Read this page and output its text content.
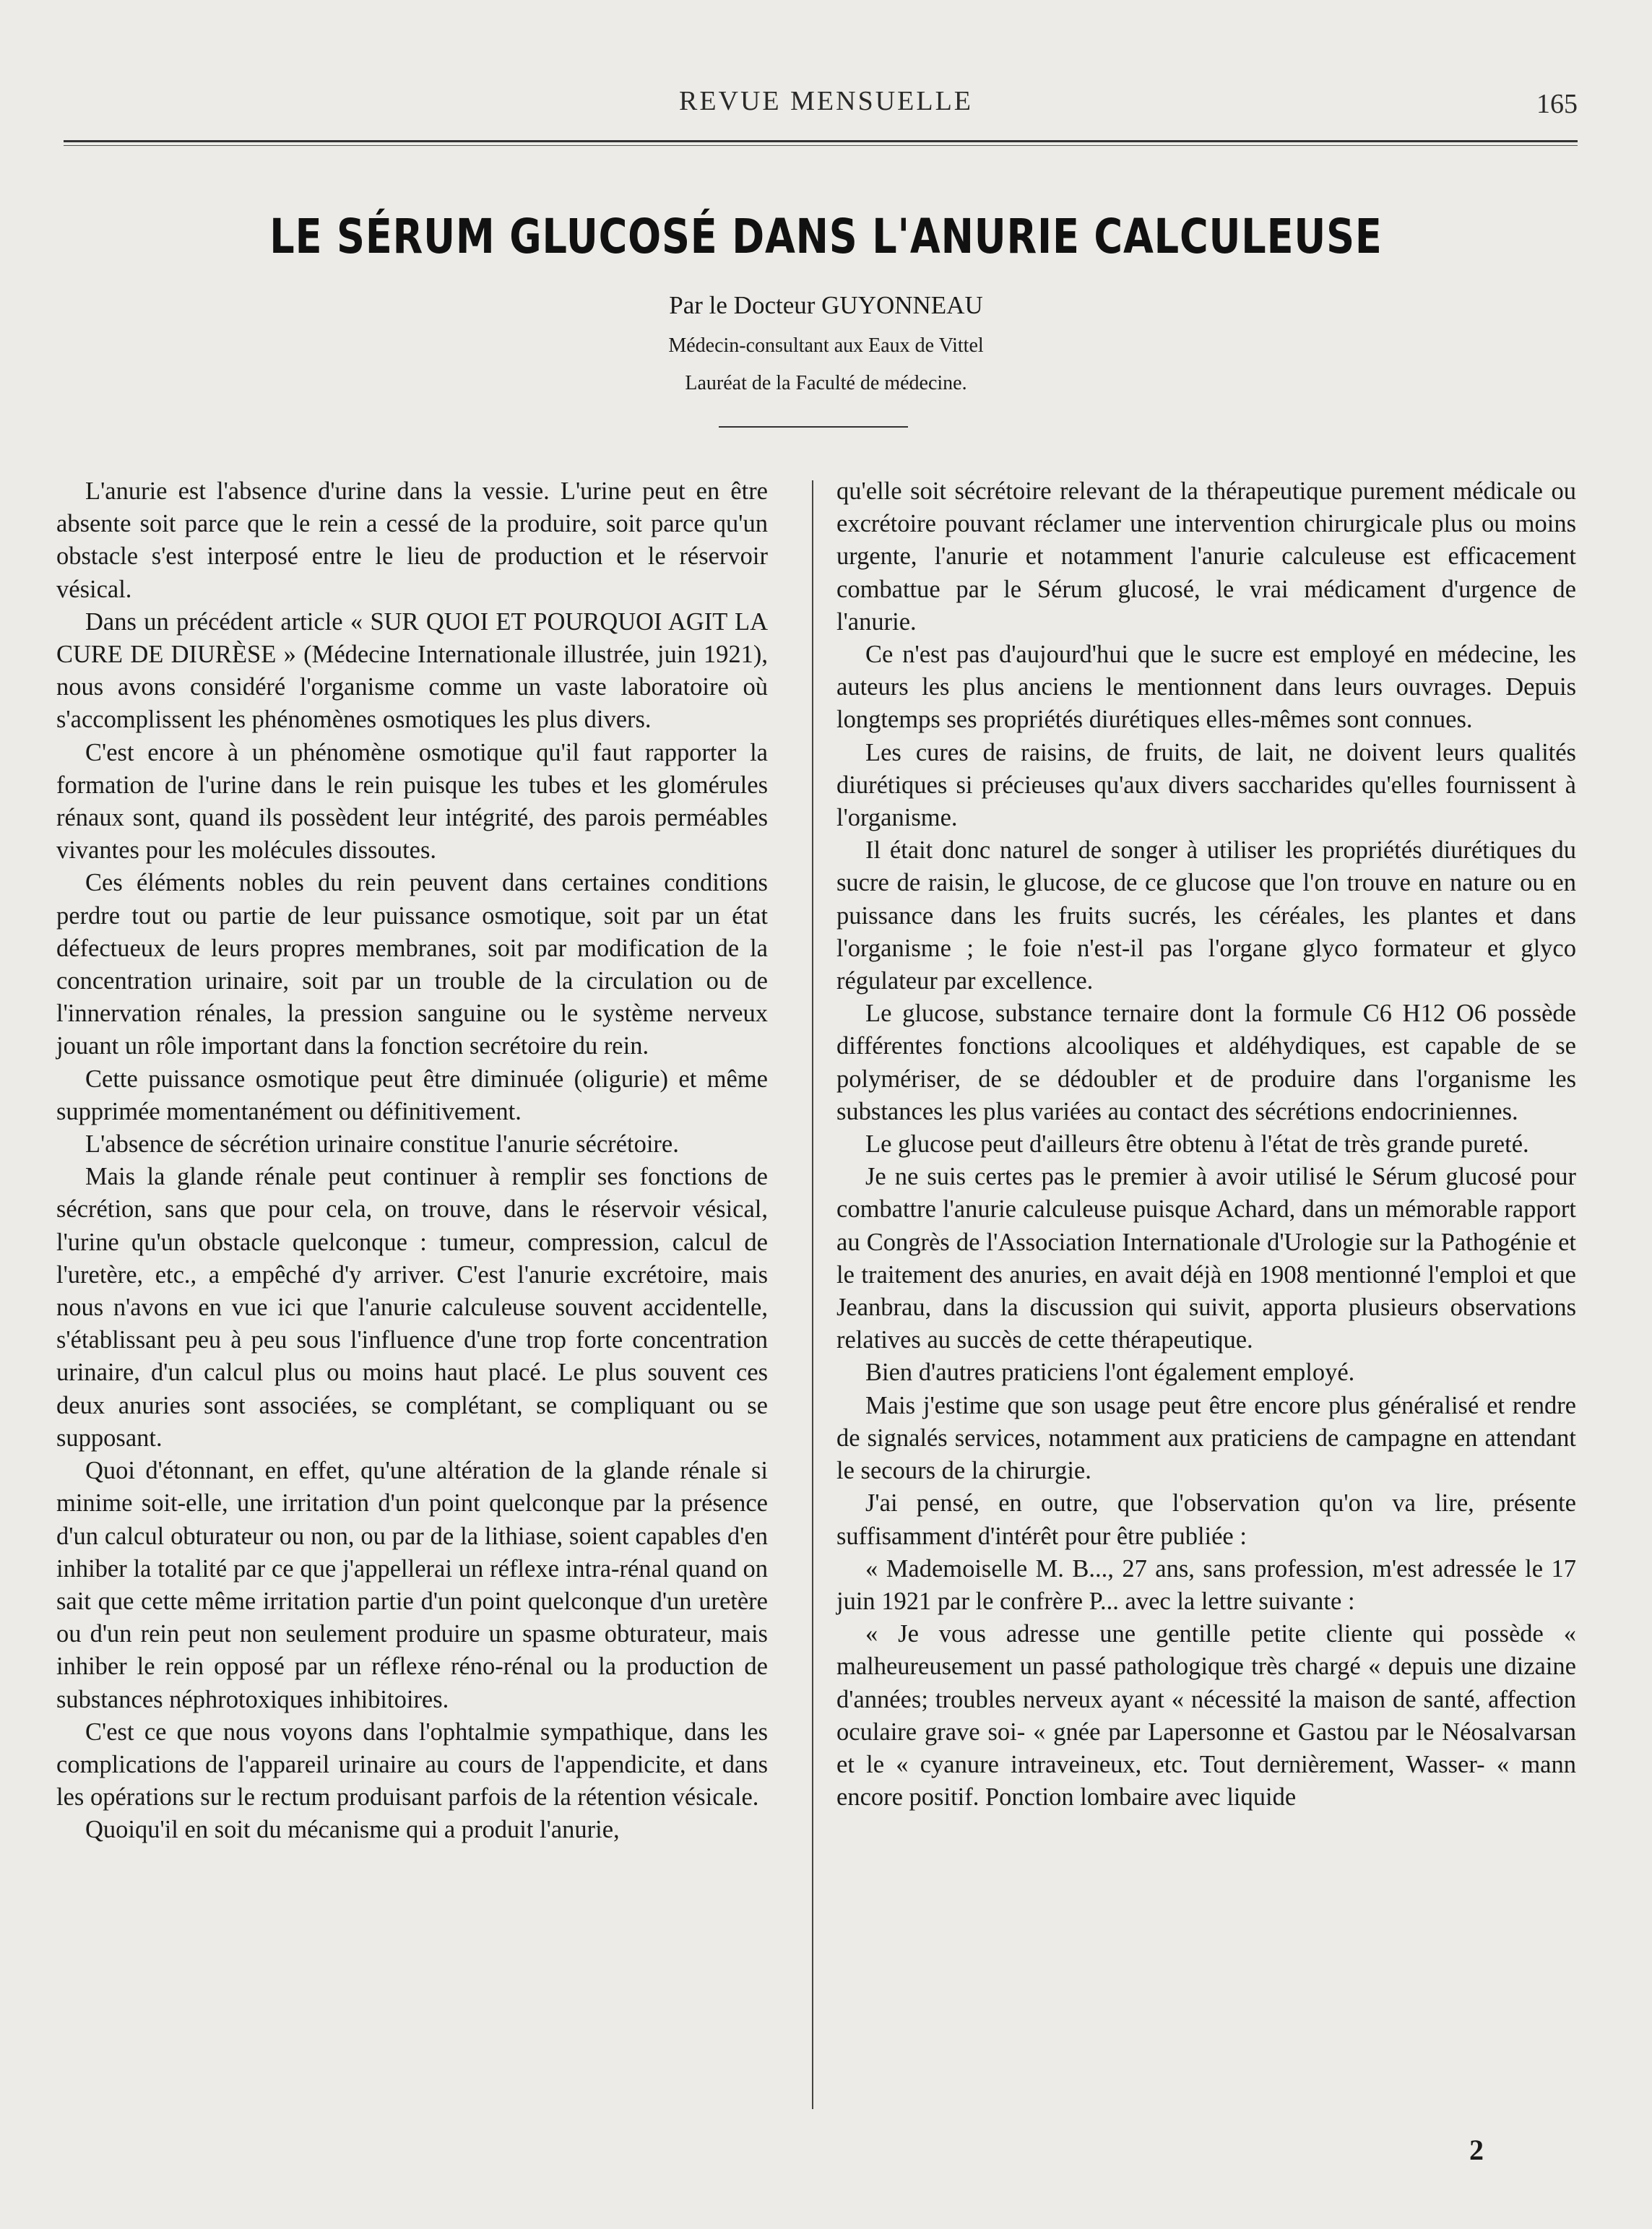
REVUE MENSUELLE	165
LE SÉRUM GLUCOSÉ DANS L'ANURIE CALCULEUSE
Par le Docteur GUYONNEAU
Médecin-consultant aux Eaux de Vittel
Lauréat de la Faculté de médecine.

L'anurie est l'absence d'urine dans la vessie. L'urine peut en être absente soit parce que le rein a cessé de la produire, soit parce qu'un obstacle s'est interposé entre le lieu de production et le réservoir vésical.

Dans un précédent article « SUR QUOI ET POURQUOI AGIT LA CURE DE DIURÈSE » (Médecine Internationale illustrée, juin 1921), nous avons considéré l'organisme comme un vaste laboratoire où s'accomplissent les phénomènes osmotiques les plus divers.

C'est encore à un phénomène osmotique qu'il faut rapporter la formation de l'urine dans le rein puisque les tubes et les glomérules rénaux sont, quand ils possèdent leur intégrité, des parois perméables vivantes pour les molécules dissoutes.

Ces éléments nobles du rein peuvent dans certaines conditions perdre tout ou partie de leur puissance osmotique, soit par un état défectueux de leurs propres membranes, soit par modification de la concentration urinaire, soit par un trouble de la circulation ou de l'innervation rénales, la pression sanguine ou le système nerveux jouant un rôle important dans la fonction secrétoire du rein.

Cette puissance osmotique peut être diminuée (oligurie) et même supprimée momentanément ou définitivement.

L'absence de sécrétion urinaire constitue l'anurie sécrétoire.

Mais la glande rénale peut continuer à remplir ses fonctions de sécrétion, sans que pour cela, on trouve, dans le réservoir vésical, l'urine qu'un obstacle quelconque : tumeur, compression, calcul de l'uretère, etc., a empêché d'y arriver. C'est l'anurie excrétoire, mais nous n'avons en vue ici que l'anurie calculeuse souvent accidentelle, s'établissant peu à peu sous l'influence d'une trop forte concentration urinaire, d'un calcul plus ou moins haut placé. Le plus souvent ces deux anuries sont associées, se complétant, se compliquant ou se supposant.

Quoi d'étonnant, en effet, qu'une altération de la glande rénale si minime soit-elle, une irritation d'un point quelconque par la présence d'un calcul obturateur ou non, ou par de la lithiase, soient capables d'en inhiber la totalité par ce que j'appellerai un réflexe intra-rénal quand on sait que cette même irritation partie d'un point quelconque d'un uretère ou d'un rein peut non seulement produire un spasme obturateur, mais inhiber le rein opposé par un réflexe réno-rénal ou la production de substances néphrotoxiques inhibitoires.

C'est ce que nous voyons dans l'ophtalmie sympathique, dans les complications de l'appareil urinaire au cours de l'appendicite, et dans les opérations sur le rectum produisant parfois de la rétention vésicale.

Quoiqu'il en soit du mécanisme qui a produit l'anurie,

qu'elle soit sécrétoire relevant de la thérapeutique purement médicale ou excrétoire pouvant réclamer une intervention chirurgicale plus ou moins urgente, l'anurie et notamment l'anurie calculeuse est efficacement combattue par le Sérum glucosé, le vrai médicament d'urgence de l'anurie.

Ce n'est pas d'aujourd'hui que le sucre est employé en médecine, les auteurs les plus anciens le mentionnent dans leurs ouvrages. Depuis longtemps ses propriétés diurétiques elles-mêmes sont connues.

Les cures de raisins, de fruits, de lait, ne doivent leurs qualités diurétiques si précieuses qu'aux divers saccharides qu'elles fournissent à l'organisme.

Il était donc naturel de songer à utiliser les propriétés diurétiques du sucre de raisin, le glucose, de ce glucose que l'on trouve en nature ou en puissance dans les fruits sucrés, les céréales, les plantes et dans l'organisme ; le foie n'est-il pas l'organe glyco formateur et glyco régulateur par excellence.

Le glucose, substance ternaire dont la formule C6 H12 O6 possède différentes fonctions alcooliques et aldéhydiques, est capable de se polymériser, de se dédoubler et de produire dans l'organisme les substances les plus variées au contact des sécrétions endocriniennes.

Le glucose peut d'ailleurs être obtenu à l'état de très grande pureté.

Je ne suis certes pas le premier à avoir utilisé le Sérum glucosé pour combattre l'anurie calculeuse puisque Achard, dans un mémorable rapport au Congrès de l'Association Internationale d'Urologie sur la Pathogénie et le traitement des anuries, en avait déjà en 1908 mentionné l'emploi et que Jeanbrau, dans la discussion qui suivit, apporta plusieurs observations relatives au succès de cette thérapeutique.

Bien d'autres praticiens l'ont également employé.

Mais j'estime que son usage peut être encore plus généralisé et rendre de signalés services, notamment aux praticiens de campagne en attendant le secours de la chirurgie.

J'ai pensé, en outre, que l'observation qu'on va lire, présente suffisamment d'intérêt pour être publiée :

« Mademoiselle M. B..., 27 ans, sans profession, m'est adressée le 17 juin 1921 par le confrère P... avec la lettre suivante :

« Je vous adresse une gentille petite cliente qui possède « malheureusement un passé pathologique très chargé « depuis une dizaine d'années; troubles nerveux ayant « nécessité la maison de santé, affection oculaire grave soi- « gnée par Lapersonne et Gastou par le Néosalvarsan et le « cyanure intraveineux, etc. Tout dernièrement, Wasser- « mann encore positif. Ponction lombaire avec liquide

2
